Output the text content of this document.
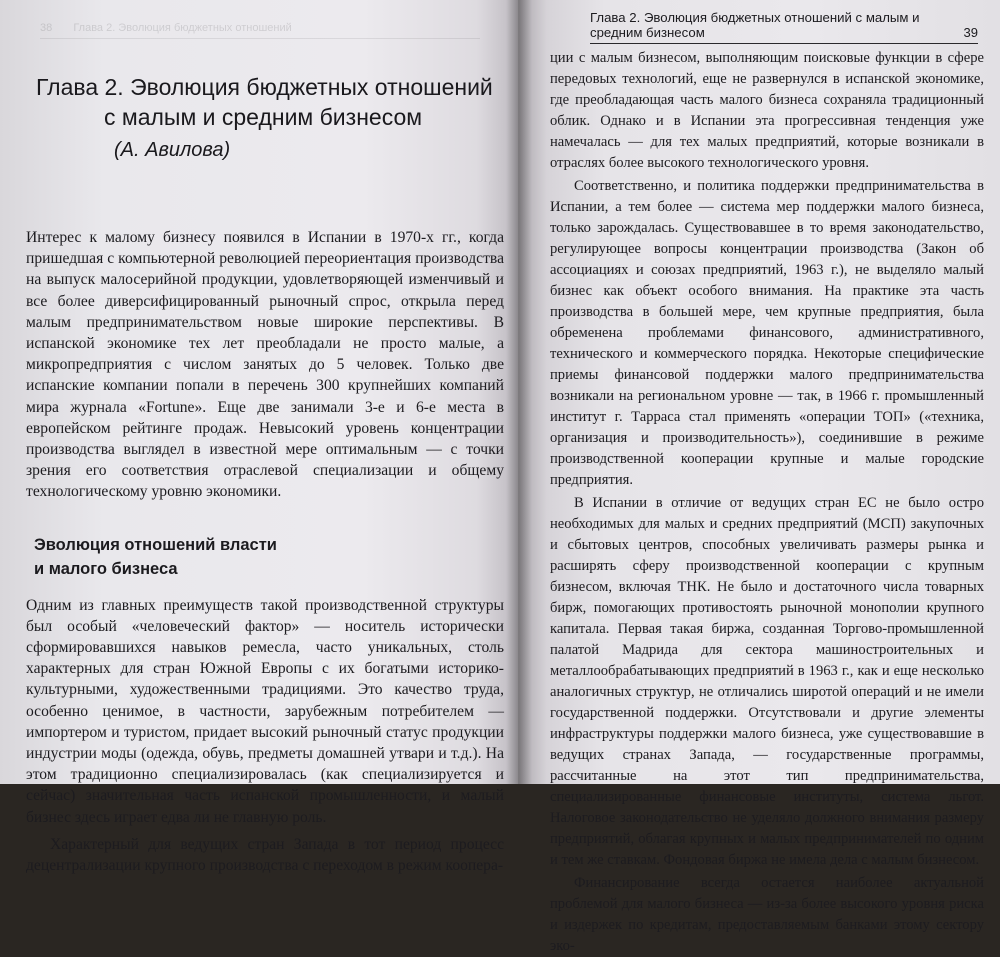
38 Глава 2. Эволюция бюджетных отношений
Глава 2. Эволюция бюджетных отношений
с малым и средним бизнесом
(А. Авилова)

Интерес к малому бизнесу появился в Испании в 1970-х гг., когда пришедшая с компьютерной революцией переориентация производства на выпуск малосерийной продукции, удовлетворяющей изменчивый и все более диверсифицированный рыночный спрос, открыла перед малым предпринимательством новые широкие перспективы. В испанской экономике тех лет преобладали не просто малые, а микропредприятия с числом занятых до 5 человек. Только две испанские компании попали в перечень 300 крупнейших компаний мира журнала «Fortune». Еще две занимали 3-е и 6-е места в европейском рейтинге продаж. Невысокий уровень концентрации производства выглядел в известной мере оптимальным — с точки зрения его соответствия отраслевой специализации и общему технологическому уровню экономики.

Эволюция отношений власти
и малого бизнеса

Одним из главных преимуществ такой производственной структуры был особый «человеческий фактор» — носитель исторически сформировавшихся навыков ремесла, часто уникальных, столь характерных для стран Южной Европы с их богатыми историко-культурными, художественными традициями. Это качество труда, особенно ценимое, в частности, зарубежным потребителем — импортером и туристом, придает высокий рыночный статус продукции индустрии моды (одежда, обувь, предметы домашней утвари и т.д.). На этом традиционно специализировалась (как специализируется и сейчас) значительная часть испанской промышленности, и малый бизнес здесь играет едва ли не главную роль.

Характерный для ведущих стран Запада в тот период процесс децентрализации крупного производства с переходом в режим коопера-

Глава 2. Эволюция бюджетных отношений с малым и средним бизнесом	39

ции с малым бизнесом, выполняющим поисковые функции в сфере передовых технологий, еще не развернулся в испанской экономике, где преобладающая часть малого бизнеса сохраняла традиционный облик. Однако и в Испании эта прогрессивная тенденция уже намечалась — для тех малых предприятий, которые возникали в отраслях более высокого технологического уровня.

Соответственно, и политика поддержки предпринимательства в Испании, а тем более — система мер поддержки малого бизнеса, только зарождалась. Существовавшее в то время законодательство, регулирующее вопросы концентрации производства (Закон об ассоциациях и союзах предприятий, 1963 г.), не выделяло малый бизнес как объект особого внимания. На практике эта часть производства в большей мере, чем крупные предприятия, была обременена проблемами финансового, административного, технического и коммерческого порядка. Некоторые специфические приемы финансовой поддержки малого предпринимательства возникали на региональном уровне — так, в 1966 г. промышленный институт г. Тарраса стал применять «операции ТОП» («техника, организация и производительность»), соединившие в режиме производственной кооперации крупные и малые городские предприятия.

В Испании в отличие от ведущих стран ЕС не было остро необходимых для малых и средних предприятий (МСП) закупочных и сбытовых центров, способных увеличивать размеры рынка и расширять сферу производственной кооперации с крупным бизнесом, включая ТНК. Не было и достаточного числа товарных бирж, помогающих противостоять рыночной монополии крупного капитала. Первая такая биржа, созданная Торгово-промышленной палатой Мадрида для сектора машиностроительных и металлообрабатывающих предприятий в 1963 г., как и еще несколько аналогичных структур, не отличались широтой операций и не имели государственной поддержки. Отсутствовали и другие элементы инфраструктуры поддержки малого бизнеса, уже существовавшие в ведущих странах Запада, — государственные программы, рассчитанные на этот тип предпринимательства, специализированные финансовые институты, система льгот. Налоговое законодательство не уделяло должного внимания размеру предприятий, облагая крупных и малых предпринимателей по одним и тем же ставкам. Фондовая биржа не имела дела с малым бизнесом.

Финансирование всегда остается наиболее актуальной проблемой для малого бизнеса — из-за более высокого уровня риска и издержек по кредитам, предоставляемым банками этому сектору эко-
